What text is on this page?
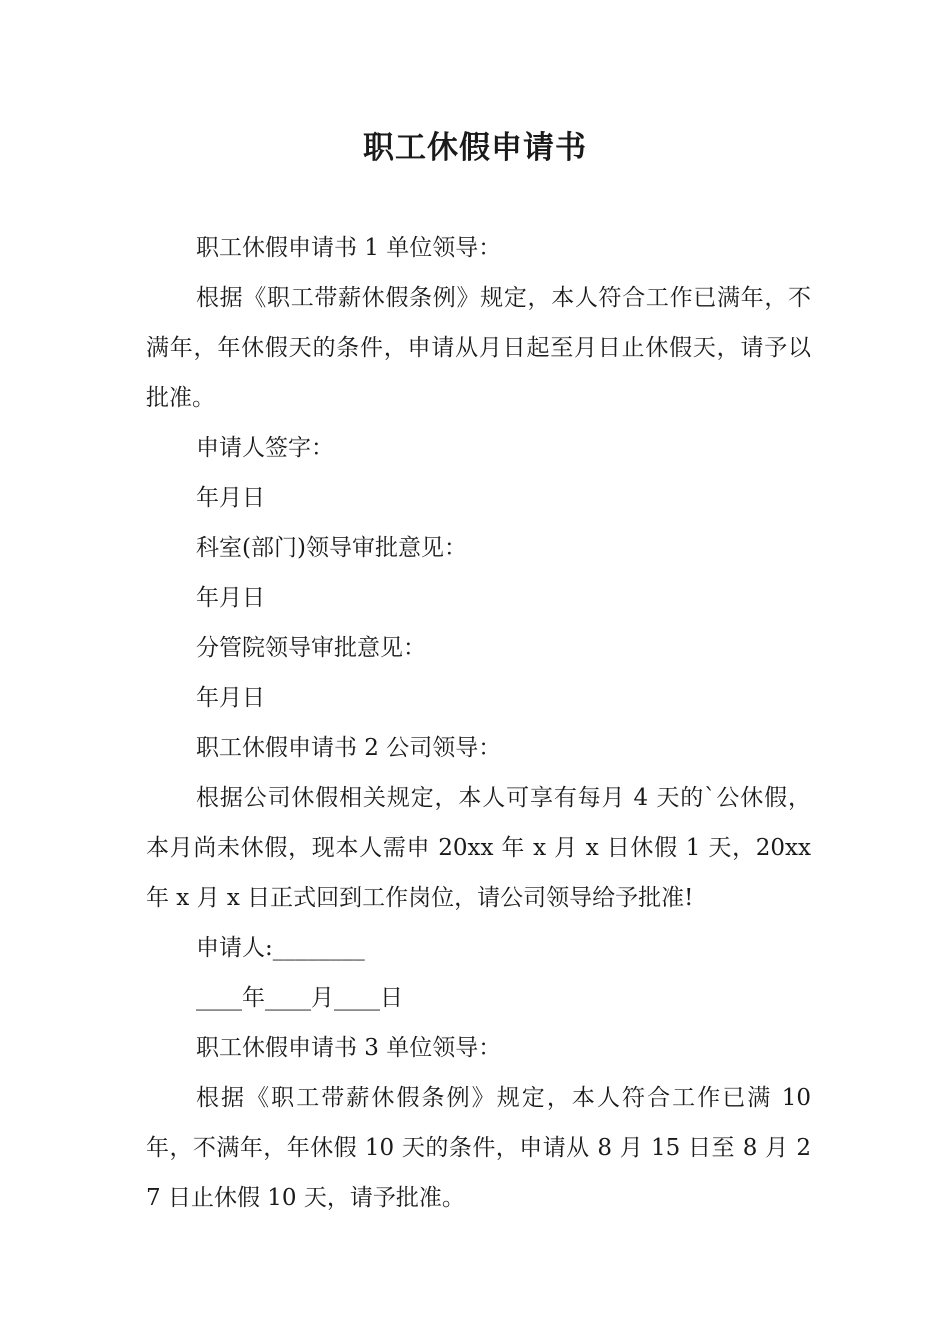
职工休假申请书

职工休假申请书 1 单位领导：

根据《职工带薪休假条例》规定，本人符合工作已满年，不满年，年休假天的条件，申请从月日起至月日止休假天，请予以批准。

申请人签字：

年月日

科室(部门)领导审批意见：

年月日

分管院领导审批意见：

年月日

职工休假申请书 2 公司领导：

根据公司休假相关规定，本人可享有每月 4 天的`公休假，本月尚未休假，现本人需申 20xx 年 x 月 x 日休假 1 天，20xx 年 x 月 x 日正式回到工作岗位，请公司领导给予批准!

申请人:________

____年____月____日

职工休假申请书 3 单位领导：

根据《职工带薪休假条例》规定，本人符合工作已满 10 年，不满年，年休假 10 天的条件，申请从 8 月 15 日至 8 月 27 日止休假 10 天，请予批准。
